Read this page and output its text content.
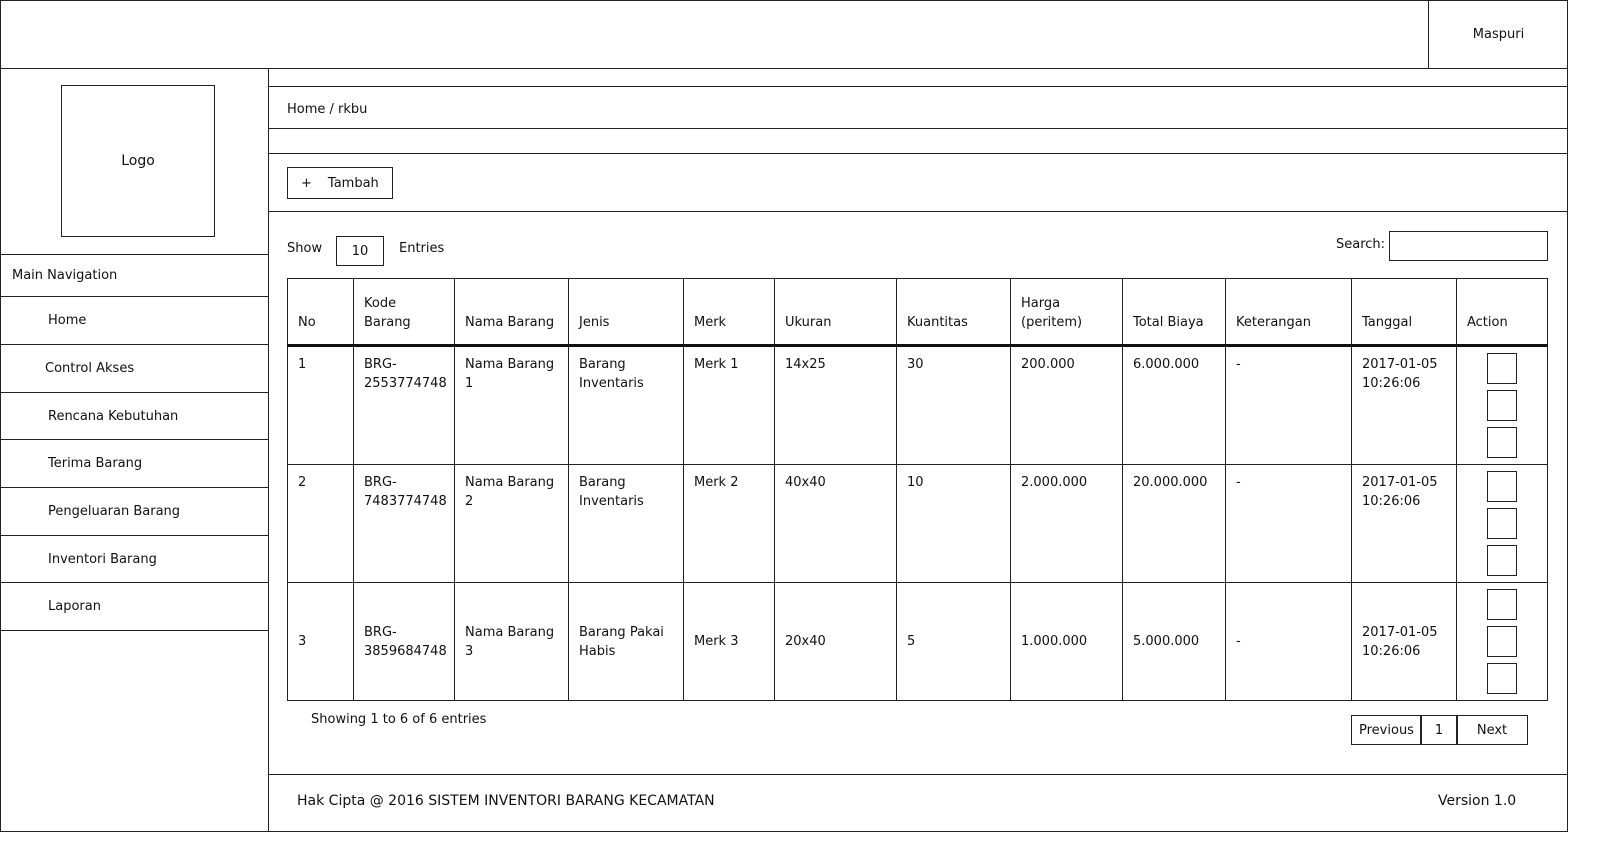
Maspuri
Logo
Main Navigation
Home
Control Akses
Rencana Kebutuhan
Terima Barang
Pengeluaran Barang
Inventori Barang
Laporan
Home / rkbu
+ Tambah
Show 10 Entries	Search:
No	Kode Barang	Nama Barang	Jenis	Merk	Ukuran	Kuantitas	Harga (peritem)	Total Biaya	Keterangan	Tanggal	Action
1	BRG-2553774748	Nama Barang 1	Barang Inventaris	Merk 1	14x25	30	200.000	6.000.000	-	2017-01-05 10:26:06	

2	BRG-7483774748	Nama Barang 2	Barang Inventaris	Merk 2	40x40	10	2.000.000	20.000.000	-	2017-01-05 10:26:06	

3	BRG-3859684748	Nama Barang 3	Barang Pakai Habis	Merk 3	20x40	5	1.000.000	5.000.000	-	2017-01-05 10:26:06	
Showing 1 to 6 of 6 entries
Previous 1	Next
Hak Cipta @ 2016 SISTEM INVENTORI BARANG KECAMATAN	Version 1.0
